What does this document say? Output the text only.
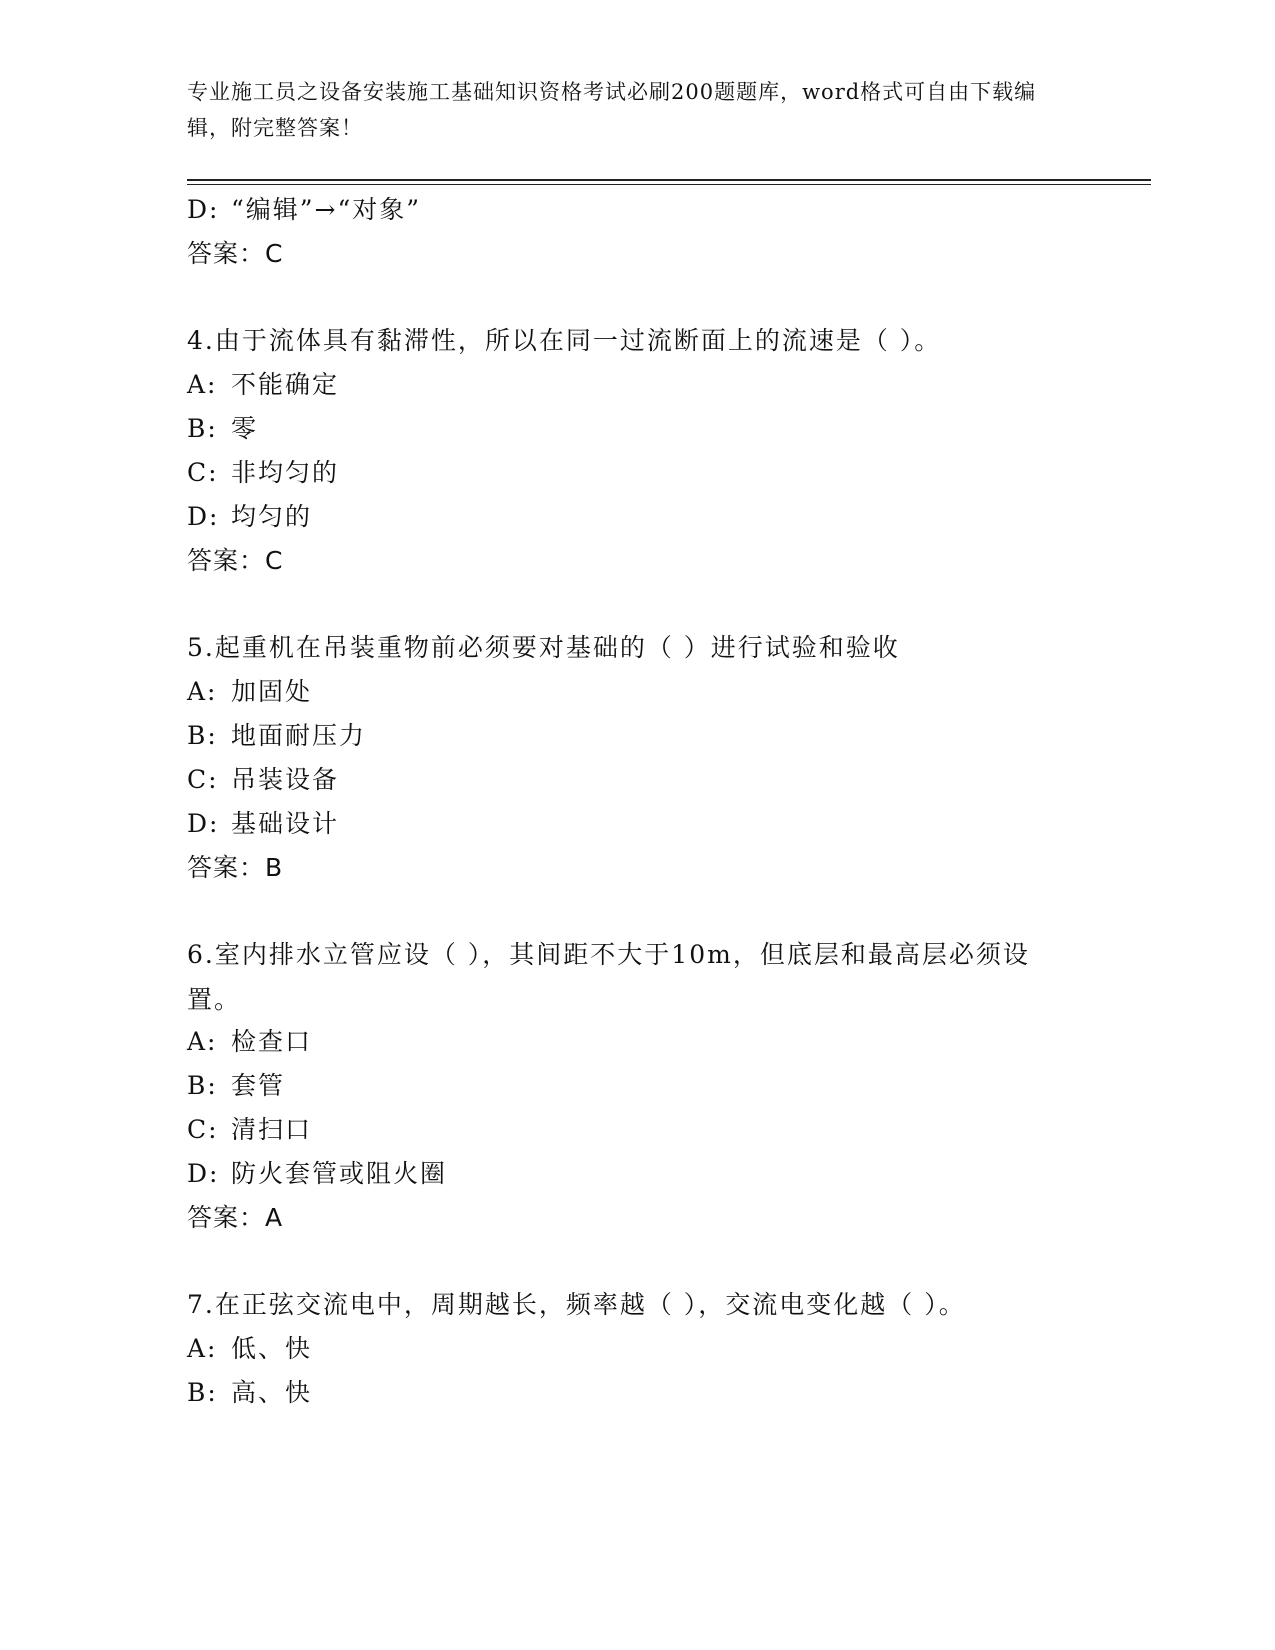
专业施工员之设备安装施工基础知识资格考试必刷200题题库，word格式可自由下载编辑，附完整答案！
D: “编辑”→“对象”
答案：C
4.由于流体具有黏滞性，所以在同一过流断面上的流速是（ ）。
A: 不能确定
B: 零
C: 非均匀的
D: 均匀的
答案：C
5.起重机在吊装重物前必须要对基础的（ ）进行试验和验收
A: 加固处
B: 地面耐压力
C: 吊装设备
D: 基础设计
答案：B
6.室内排水立管应设（ ），其间距不大于10m，但底层和最高层必须设置。
A: 检查口
B: 套管
C: 清扫口
D: 防火套管或阻火圈
答案：A
7.在正弦交流电中，周期越长，频率越（ ），交流电变化越（ ）。
A: 低、快
B: 高、快
